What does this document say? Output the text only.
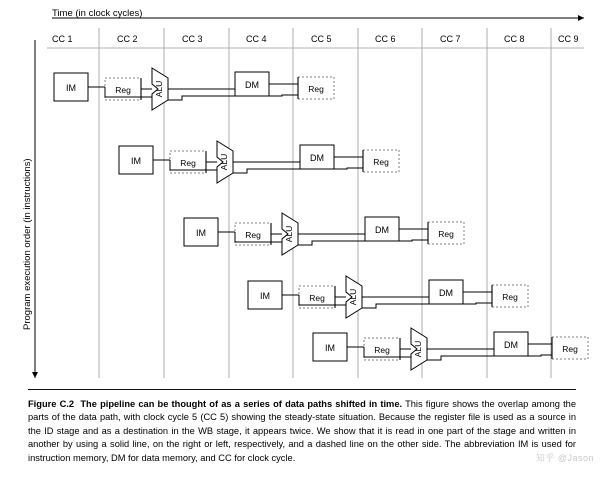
Time (in clock cycles)
Program execution order (in instructions)
IM	Reg	ALU	DM	Reg
IM	Reg	ALU	DM	Reg
IM	Reg	ALU	DM	Reg
IM	Reg	ALU	DM	Reg
IM	Reg	ALU	DM	Reg
CC 1	CC 2	CC 3	CC 4	CC 5	CC 6	CC 7	CC 8	CC 9
知乎 @Jason
Figure C.2 The pipeline can be thought of as a series of data paths shifted in time. This figure shows the overlap among the parts of the data path, with clock cycle 5 (CC 5) showing the steady-state situation. Because the register file is used as a source in the ID stage and as a destination in the WB stage, it appears twice. We show that it is read in one part of the stage and written in another by using a solid line, on the right or left, respectively, and a dashed line on the other side. The abbreviation IM is used for instruction memory, DM for data memory, and CC for clock cycle.
